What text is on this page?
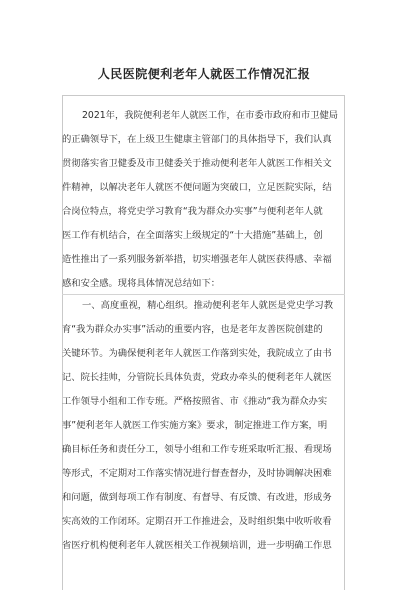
人民医院便利老年人就医工作情况汇报
2021年，我院便利老年人就医工作，在市委市政府和市卫健局
的正确领导下，在上级卫生健康主管部门的具体指导下，我们认真
贯彻落实省卫健委及市卫健委关于推动便利老年人就医工作相关文
件精神，以解决老年人就医不便问题为突破口，立足医院实际，结
合岗位特点，将党史学习教育“我为群众办实事”与便利老年人就
医工作有机结合，在全面落实上级规定的“十大措施”基础上，创
造性推出了一系列服务新举措，切实增强老年人就医获得感、幸福
感和安全感。现将具体情况总结如下：
一、高度重视，精心组织。推动便利老年人就医是党史学习教
育“我为群众办实事”活动的重要内容，也是老年友善医院创建的
关键环节。为确保便利老年人就医工作落到实处，我院成立了由书
记、院长挂帅，分管院长具体负责，党政办牵头的便利老年人就医
工作领导小组和工作专班。严格按照省、市《推动“我为群众办实
事”便利老年人就医工作实施方案》要求，制定推进工作方案，明
确目标任务和责任分工，领导小组和工作专班采取听汇报、看现场
等形式，不定期对工作落实情况进行督查督办，及时协调解决困难
和问题，做到每项工作有制度、有督导、有反馈、有改进，形成务
实高效的工作闭环。定期召开工作推进会，及时组织集中收听收看
省医疗机构便利老年人就医相关工作视频培训，进一步明确工作思
